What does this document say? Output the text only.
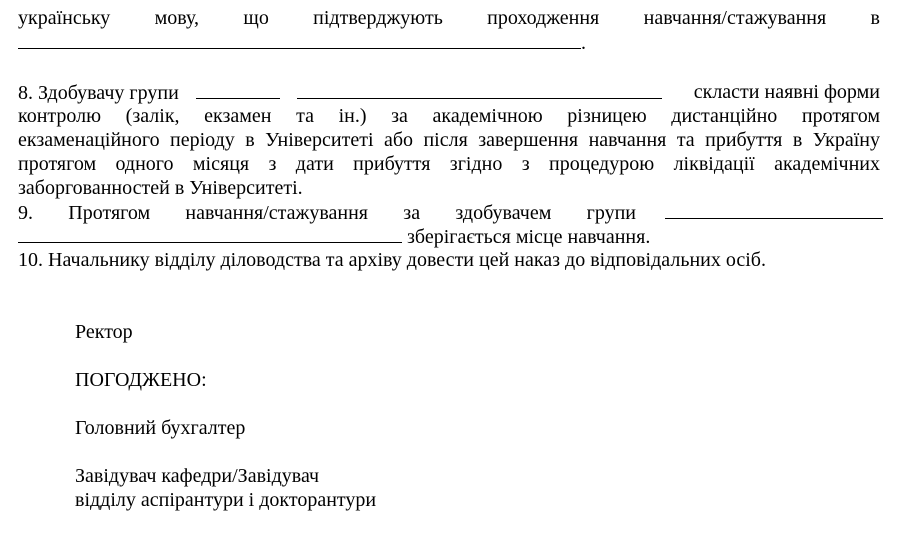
українську мову, що підтверджують проходження навчання/стажування в
.
8. Здобувачу групи	скласти наявні форми
контролю (залік, екзамен та ін.) за академічною різницею дистанційно протягом
екзаменаційного періоду в Університеті або після завершення навчання та прибуття в Україну
протягом одного місяця з дати прибуття згідно з процедурою ліквідації академічних
заборгованностей в Університеті.
9. Протягом навчання/стажування за здобувачем групи
зберігається місце навчання.
10. Начальнику відділу діловодства та архіву довести цей наказ до відповідальних осіб.
Ректор
ПОГОДЖЕНО:
Головний бухгалтер
Завідувач кафедри/Завідувач
відділу аспірантури і докторантури
